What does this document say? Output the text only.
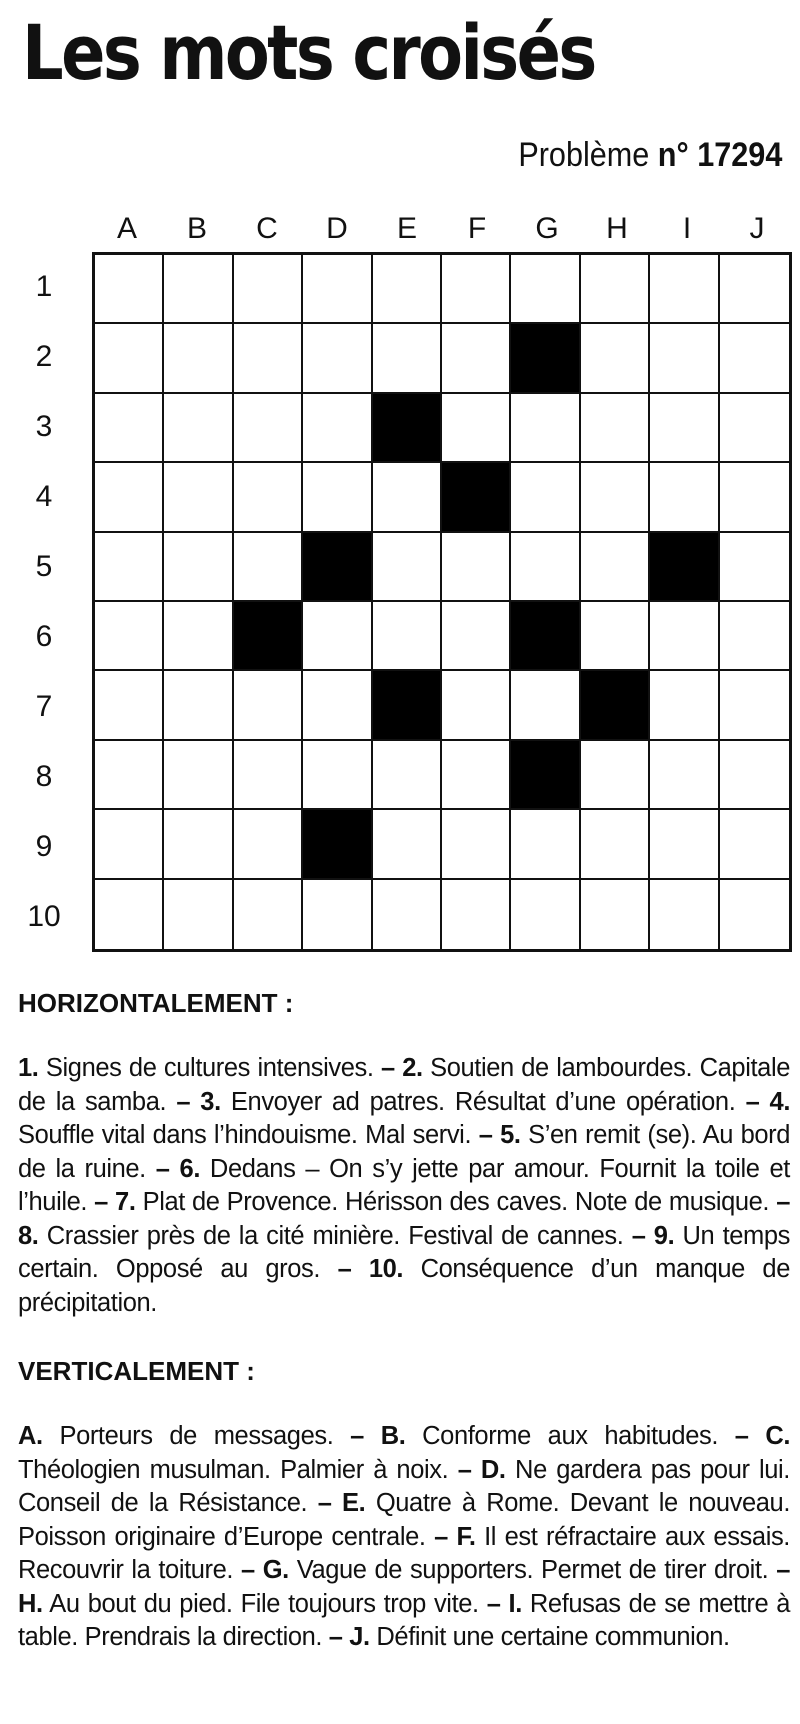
Les mots croisés
Problème n° 17294
A	B	C	D	E	F	G	H	I	J
1
2
3
4
5
6
7
8
9
10
HORIZONTALEMENT :

1. Signes de cultures intensives. – 2. Soutien de lambourdes. Capitale de la samba. – 3. Envoyer ad patres. Résultat d’une opération. – 4. Souffle vital dans l’hindouisme. Mal servi. – 5. S’en remit (se). Au bord de la ruine. – 6. Dedans – On s’y jette par amour. Fournit la toile et l’huile. – 7. Plat de Provence. Hérisson des caves. Note de musique. – 8. Crassier près de la cité minière. Festival de cannes. – 9. Un temps certain. Opposé au gros. – 10. Conséquence d’un manque de précipitation.

VERTICALEMENT :

A. Porteurs de messages. – B. Conforme aux habitudes. – C. Théologien musulman. Palmier à noix. – D. Ne gardera pas pour lui. Conseil de la Résistance. – E. Quatre à Rome. Devant le nouveau. Poisson originaire d’Europe centrale. – F. Il est réfractaire aux essais. Recouvrir la toiture. – G. Vague de supporters. Permet de tirer droit. – H. Au bout du pied. File toujours trop vite. – I. Refusas de se mettre à table. Prendrais la direction. – J. Définit une certaine communion.
